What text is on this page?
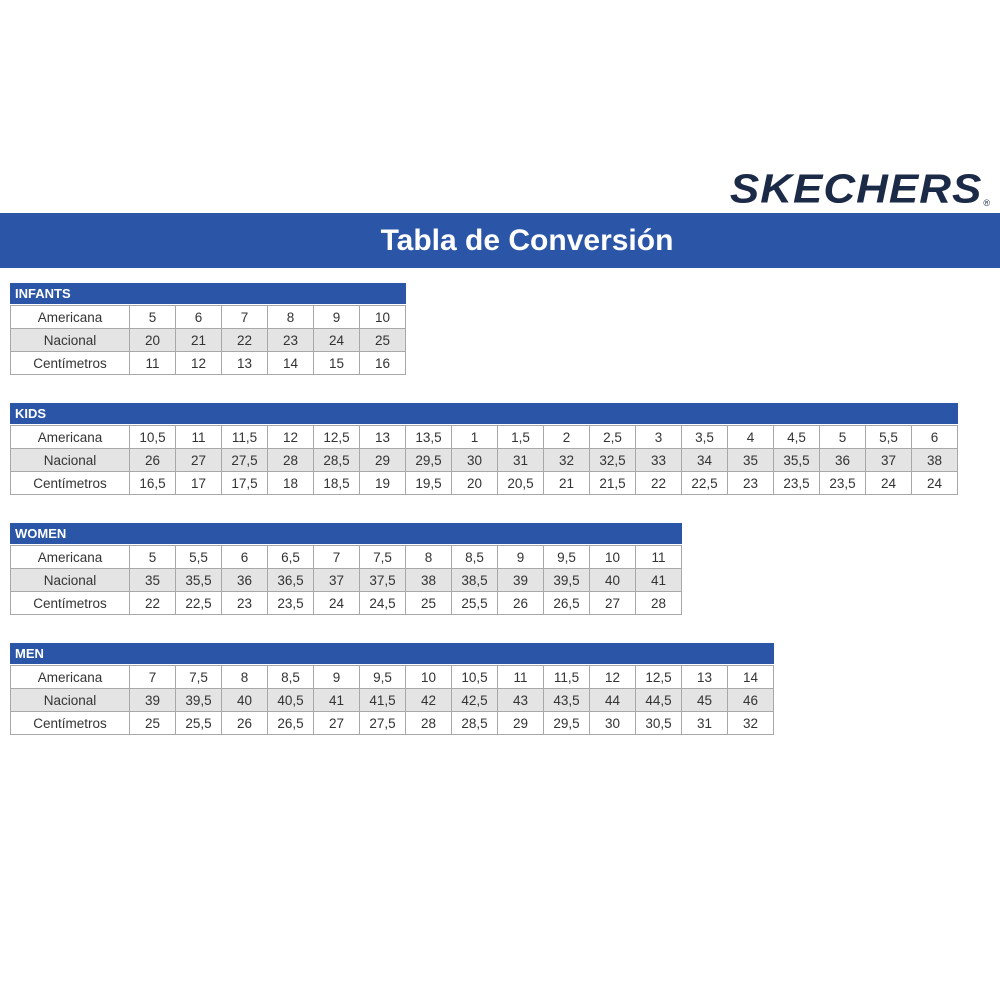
SKECHERS ®
Tabla de Conversión
INFANTS
Americana	5	6	7	8	9	10
Nacional	20	21	22	23	24	25
Centímetros	11	12	13	14	15	16
KIDS
Americana	10,5	11	11,5	12	12,5	13	13,5	1	1,5	2	2,5	3	3,5	4	4,5	5	5,5	6
Nacional	26	27	27,5	28	28,5	29	29,5	30	31	32	32,5	33	34	35	35,5	36	37	38
Centímetros	16,5	17	17,5	18	18,5	19	19,5	20	20,5	21	21,5	22	22,5	23	23,5	23,5	24	24
WOMEN
Americana	5	5,5	6	6,5	7	7,5	8	8,5	9	9,5	10	11
Nacional	35	35,5	36	36,5	37	37,5	38	38,5	39	39,5	40	41
Centímetros	22	22,5	23	23,5	24	24,5	25	25,5	26	26,5	27	28
MEN
Americana	7	7,5	8	8,5	9	9,5	10	10,5	11	11,5	12	12,5	13	14
Nacional	39	39,5	40	40,5	41	41,5	42	42,5	43	43,5	44	44,5	45	46
Centímetros	25	25,5	26	26,5	27	27,5	28	28,5	29	29,5	30	30,5	31	32
